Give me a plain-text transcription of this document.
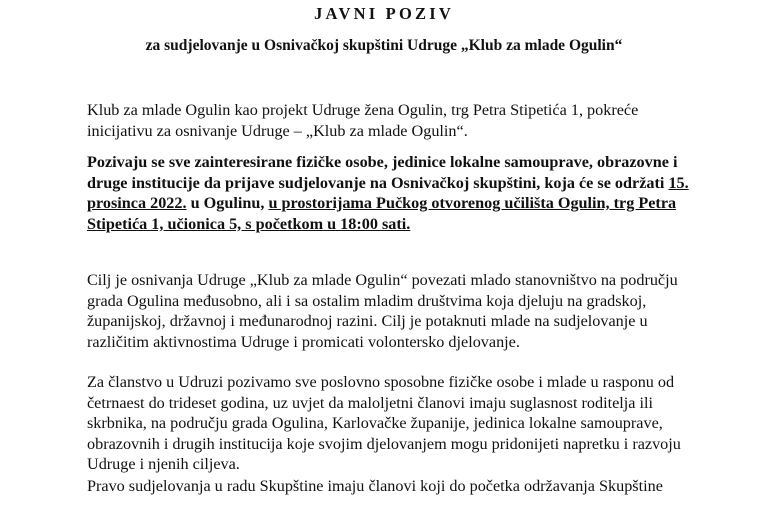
JAVNI POZIV
za sudjelovanje u Osnivačkoj skupštini Udruge „Klub za mlade Ogulin“

Klub za mlade Ogulin kao projekt Udruge žena Ogulin, trg Petra Stipetića 1, pokreće
inicijativu za osnivanje Udruge – „Klub za mlade Ogulin“.

Pozivaju se sve zainteresirane fizičke osobe, jedinice lokalne samouprave, obrazovne i
druge institucije da prijave sudjelovanje na Osnivačkoj skupštini, koja će se održati 15.
prosinca 2022. u Ogulinu, u prostorijama Pučkog otvorenog učilišta Ogulin, trg Petra
Stipetića 1, učionica 5, s početkom u 18:00 sati.

Cilj je osnivanja Udruge „Klub za mlade Ogulin“ povezati mlado stanovništvo na području
grada Ogulina međusobno, ali i sa ostalim mladim društvima koja djeluju na gradskoj,
županijskoj, državnoj i međunarodnoj razini. Cilj je potaknuti mlade na sudjelovanje u
različitim aktivnostima Udruge i promicati volontersko djelovanje.

Za članstvo u Udruzi pozivamo sve poslovno sposobne fizičke osobe i mlade u rasponu od
četrnaest do trideset godina, uz uvjet da maloljetni članovi imaju suglasnost roditelja ili
skrbnika, na području grada Ogulina, Karlovačke županije, jedinica lokalne samouprave,
obrazovnih i drugih institucija koje svojim djelovanjem mogu pridonijeti napretku i razvoju
Udruge i njenih ciljeva.

Pravo sudjelovanja u radu Skupštine imaju članovi koji do početka održavanja Skupštine
